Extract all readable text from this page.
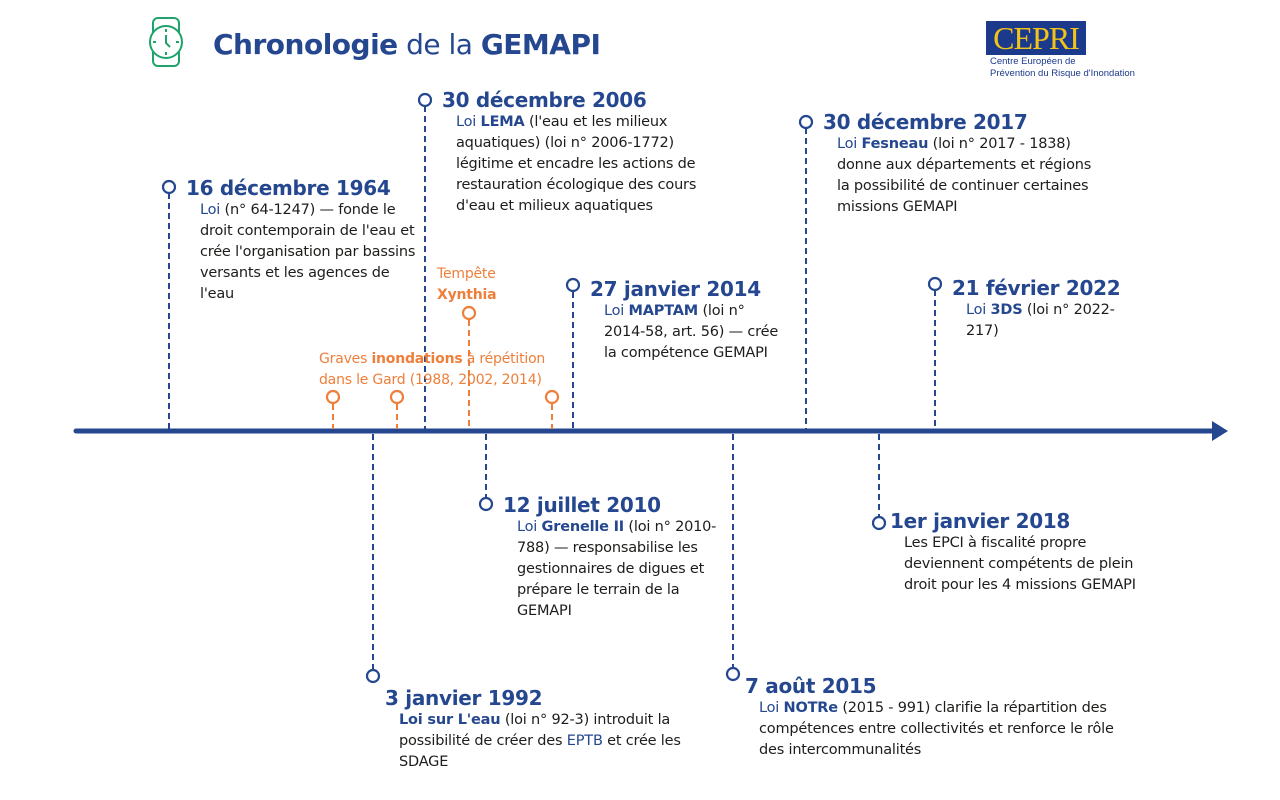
Chronologie de la GEMAPI	CEPRI
Centre Européen de
Prévention du Risque d'Inondation
16 décembre 1964
Loi (n° 64-1247) — fonde le droit contemporain de l'eau et crée l'organisation par bassins versants et les agences de l'eau
30 décembre 2006
Loi LEMA (l'eau et les milieux aquatiques) (loi n° 2006-1772) légitime et encadre les actions de restauration écologique des cours d'eau et milieux aquatiques
27 janvier 2014
Loi MAPTAM (loi n° 2014-58, art. 56) — crée la compétence GEMAPI
30 décembre 2017
Loi Fesneau (loi n° 2017 - 1838) donne aux départements et régions la possibilité de continuer certaines missions GEMAPI
21 février 2022
Loi 3DS (loi n° 2022-217)
Tempête
Xynthia
Graves inondations à répétition dans le Gard (1988, 2002, 2014)
12 juillet 2010
Loi Grenelle II (loi n° 2010-788) — responsabilise les gestionnaires de digues et prépare le terrain de la GEMAPI
1er janvier 2018
Les EPCI à fiscalité propre deviennent compétents de plein droit pour les 4 missions GEMAPI
3 janvier 1992
Loi sur L'eau (loi n° 92-3) introduit la possibilité de créer des EPTB et crée les SDAGE
7 août 2015
Loi NOTRe (2015 - 991) clarifie la répartition des compétences entre collectivités et renforce le rôle des intercommunalités
